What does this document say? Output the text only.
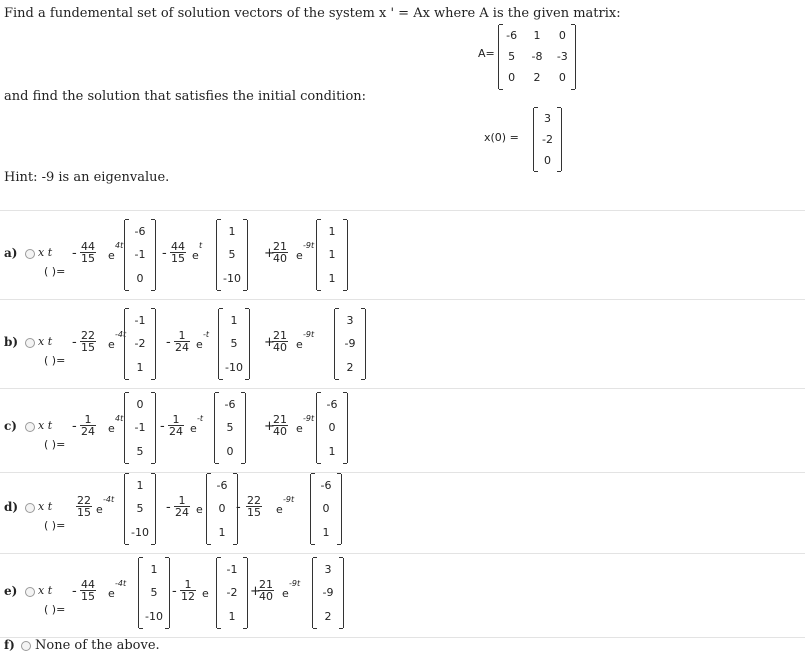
Find a fundemental set of solution vectors of the system x ' = Ax where A is the given matrix:
A=
-6 1 0
5 -8 -3
0 2 0
and find the solution that satisfies the initial condition:
x(0) =
3
-2
0
Hint: -9 is an eigenvalue.
a) x t
( )=
- $\frac{44}{15}$ e
4t
-6
-1
0
- $\frac{44}{15}$ e
t
1
5
-10
+
$\frac{21}{40}$ e
-9t
1
1
1
b) x t
( )=
- $\frac{22}{15}$ e
-4t
-1
-2
1
- $\frac{1}{24}$ e
-t
1
5
-10
+
$\frac{21}{40}$ e
-9t
3
-9
2
c) x t
( )=
- $\frac{1}{24}$ e
4t
0
-1
5
- $\frac{1}{24}$ e
-t
-6
5
0
+
$\frac{21}{40}$ e
-9t
-6
0
1
d) x t
( )=
$\frac{22}{15}$ e
-4t
1
5
-10
- $\frac{1}{24}$ e
-6
0
1
- $\frac{22}{15}$ e
-9t
-6
0
1
e) x t
( )=
- $\frac{44}{15}$ e
-4t
1
5
-10
- $\frac{1}{12}$ e
-1
-2
1
+
$\frac{21}{40}$ e
-9t
3
-9
2
f) None of the above.
